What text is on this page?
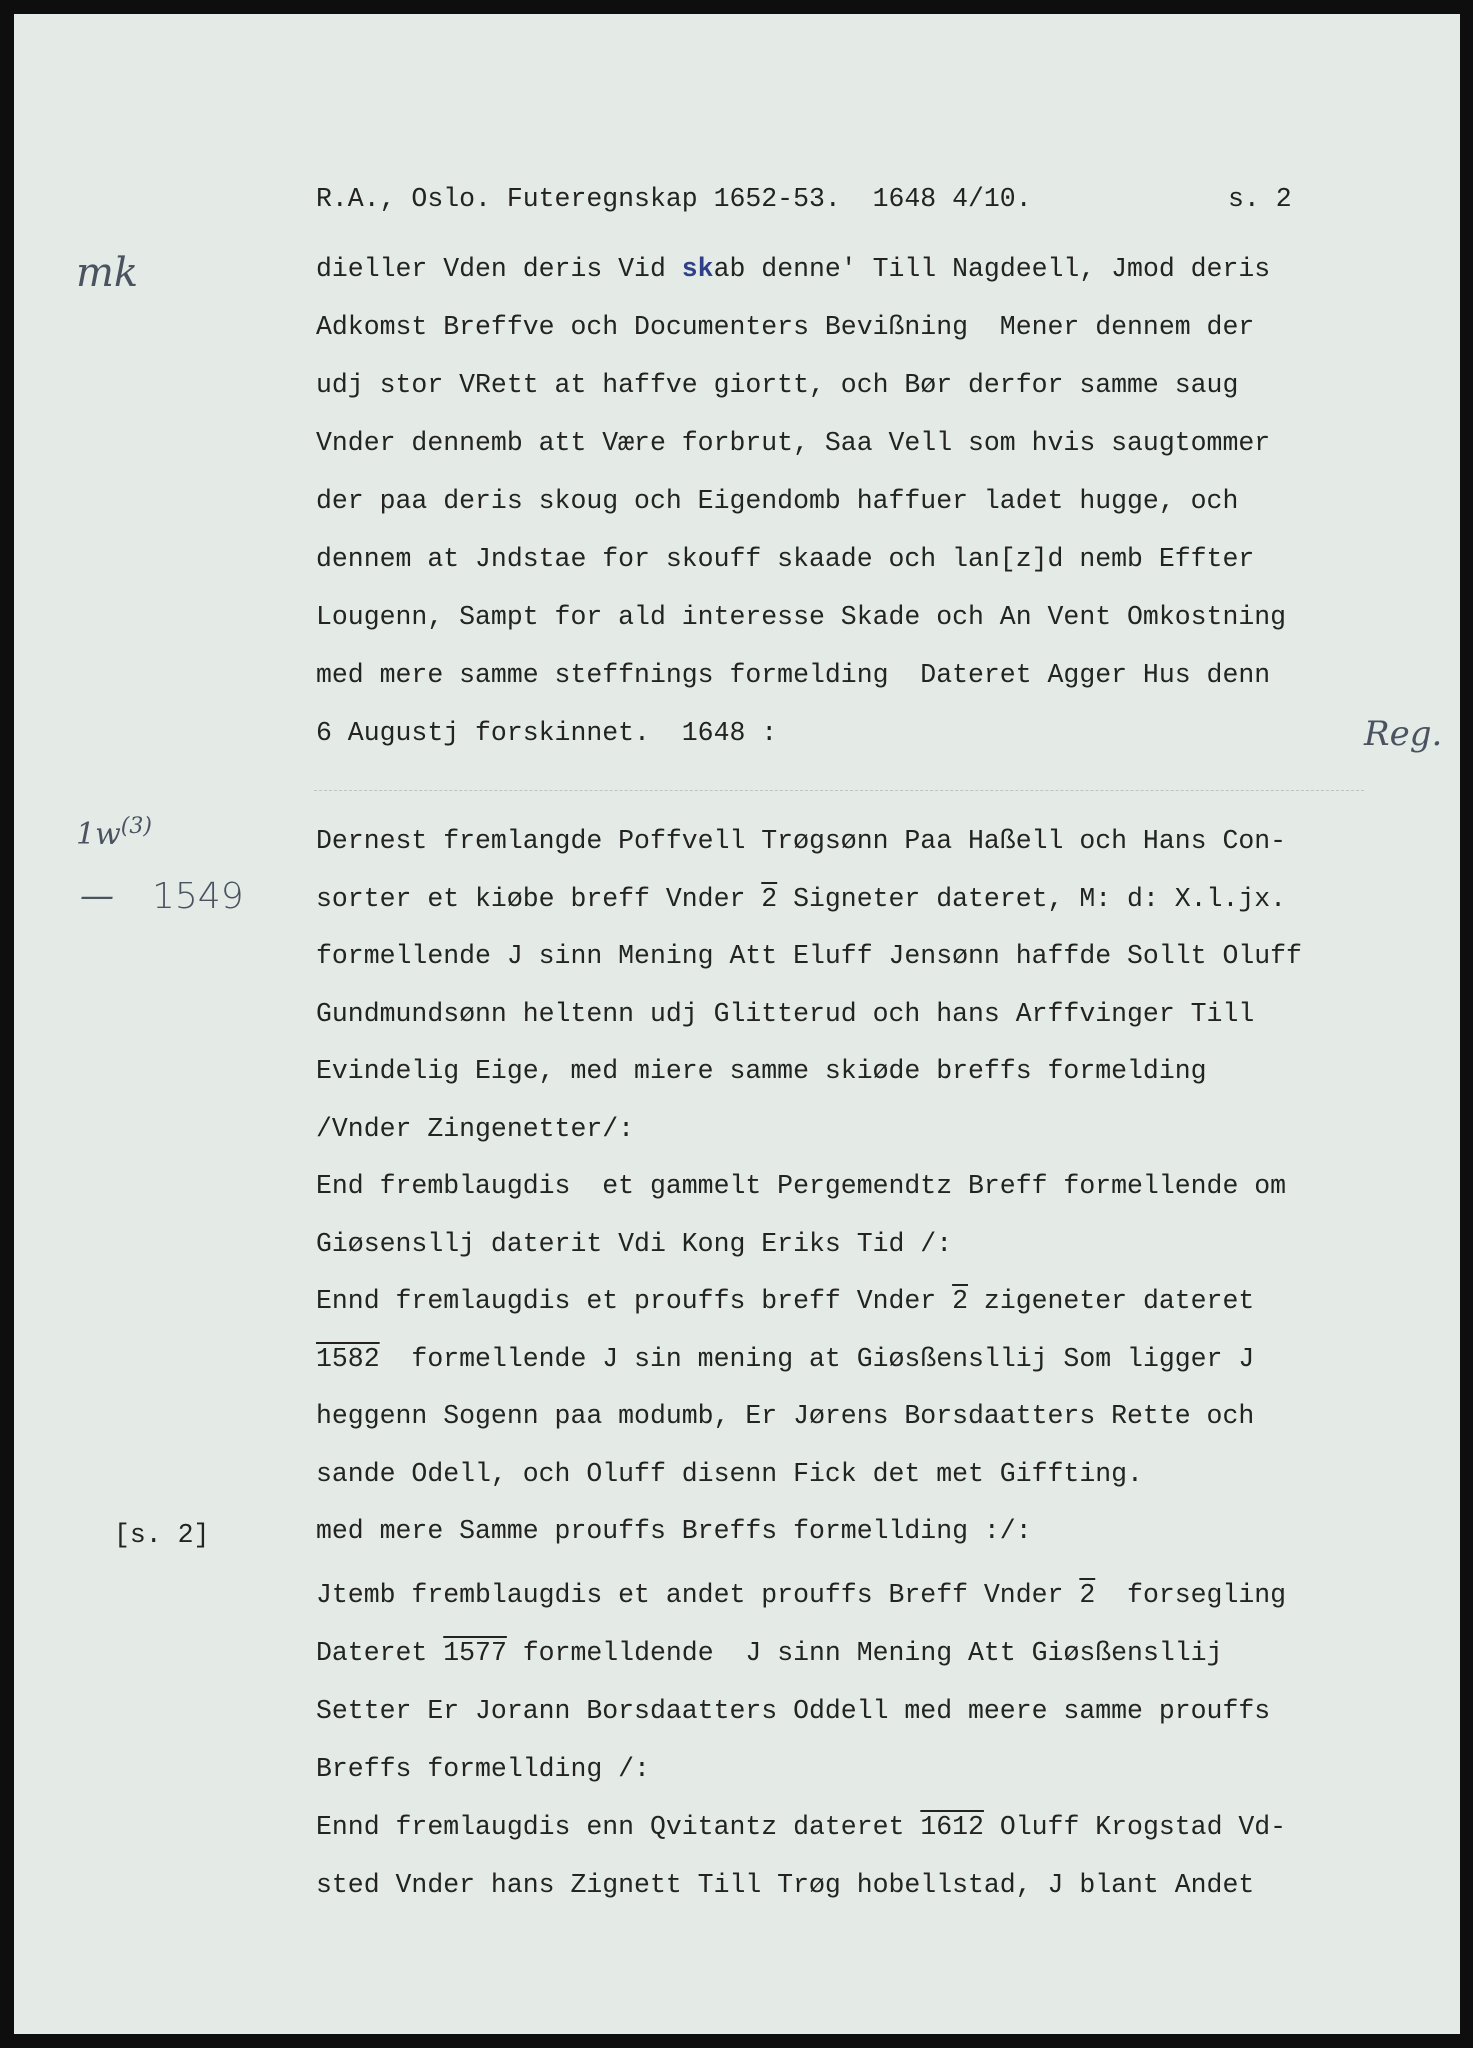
R.A., Oslo. Futeregnskap 1652-53.  1648 4/10.	s. 2
mk
Reg.
$1w^{(3)}$
— 1549
[s. 2]
dieller Vden deris Vid skab denne' Till Nagdeell, Jmod deris
Adkomst Breffve och Documenters Bevißning  Mener dennem der
udj stor VRett at haffve giortt, och Bør derfor samme saug
Vnder dennemb att Være forbrut, Saa Vell som hvis saugtommer
der paa deris skoug och Eigendomb haffuer ladet hugge, och
dennem at Jndstae for skouff skaade och lan[z]d nemb Effter
Lougenn, Sampt for ald interesse Skade och An Vent Omkostning
med mere samme steffnings formelding  Dateret Agger Hus denn
6 Augustj forskinnet.  1648 :
Dernest fremlangde Poffvell Trøgsønn Paa Haßell och Hans Con-
sorter et kiøbe breff Vnder 2 Signeter dateret, M: d: X.l.jx.
formellende J sinn Mening Att Eluff Jensønn haffde Sollt Oluff
Gundmundsønn heltenn udj Glitterud och hans Arffvinger Till
Evindelig Eige, med miere samme skiøde breffs formelding
/Vnder Zingenetter/:
End fremblaugdis  et gammelt Pergemendtz Breff formellende om
Giøsensllj daterit Vdi Kong Eriks Tid /:
Ennd fremlaugdis et prouffs breff Vnder 2 zigeneter dateret
1582  formellende J sin mening at Giøsßensllij Som ligger J
heggenn Sogenn paa modumb, Er Jørens Borsdaatters Rette och
sande Odell, och Oluff disenn Fick det met Giffting.
med mere Samme prouffs Breffs formellding :/:
Jtemb fremblaugdis et andet prouffs Breff Vnder 2  forsegling
Dateret 1577 formelldende  J sinn Mening Att Giøsßensllij
Setter Er Jorann Borsdaatters Oddell med meere samme prouffs
Breffs formellding /:
Ennd fremlaugdis enn Qvitantz dateret 1612 Oluff Krogstad Vd-
sted Vnder hans Zignett Till Trøg hobellstad, J blant Andet
